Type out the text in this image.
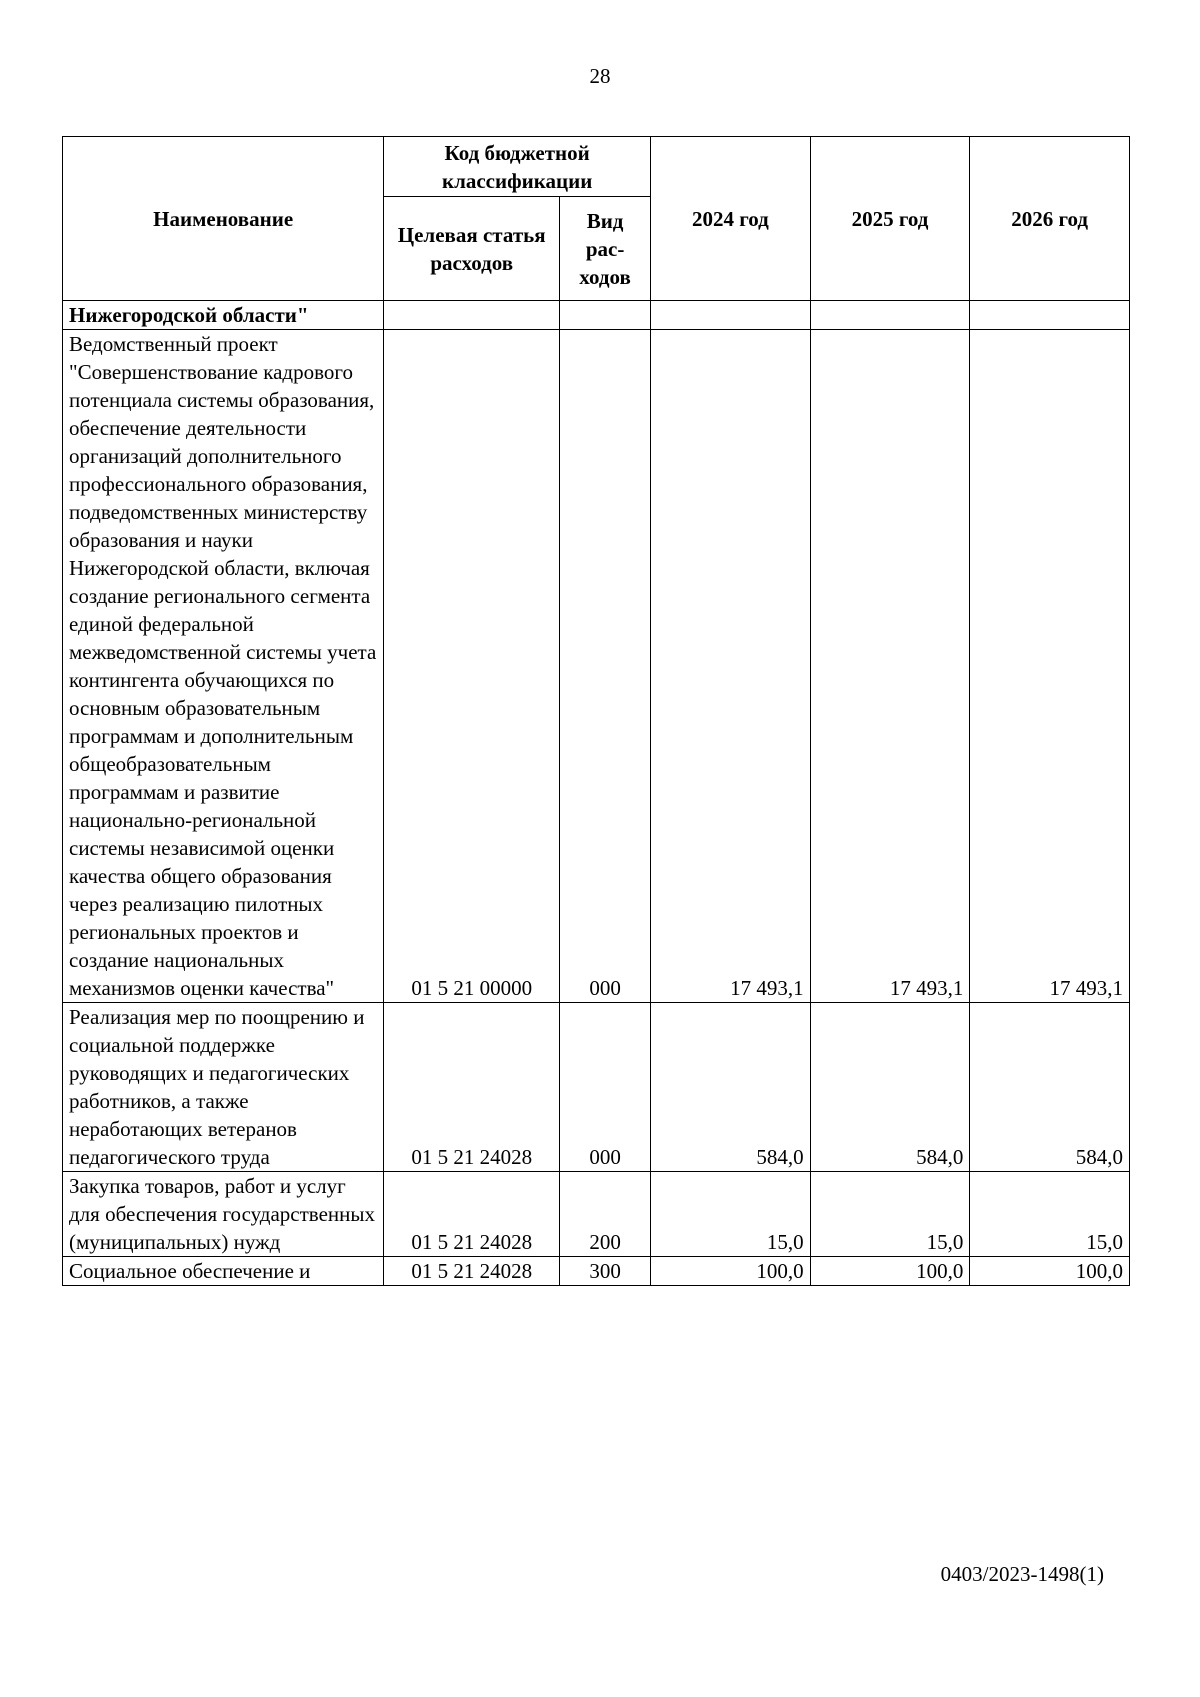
28
Наименование	Код бюджетной классификации		2024 год	2025 год	2026 год
	Целевая статья расходов	Вид рас-ходов			
Нижегородской области"					
Ведомственный проект "Совершенствование кадрового потенциала системы образования, обеспечение деятельности организаций дополнительного профессионального образования, подведомственных министерству образования и науки Нижегородской области, включая создание регионального сегмента единой федеральной межведомственной системы учета контингента обучающихся по основным образовательным программам и дополнительным общеобразовательным программам и развитие национально-региональной системы независимой оценки качества общего образования через реализацию пилотных региональных проектов и создание национальных механизмов оценки качества"	01 5 21 00000	000	17 493,1	17 493,1	17 493,1
Реализация мер по поощрению и социальной поддержке руководящих и педагогических работников, а также неработающих ветеранов педагогического труда	01 5 21 24028	000	584,0	584,0	584,0
Закупка товаров, работ и услуг для обеспечения государственных (муниципальных) нужд	01 5 21 24028	200	15,0	15,0	15,0
Социальное обеспечение и	01 5 21 24028	300	100,0	100,0	100,0
0403/2023-1498(1)
